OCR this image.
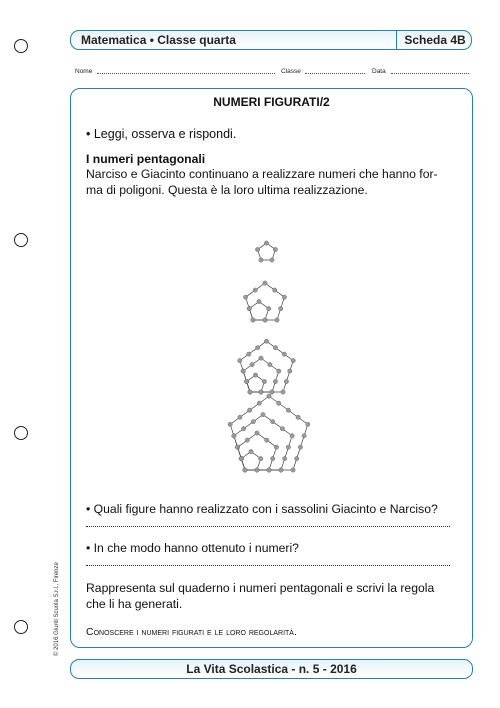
Matematica • Classe quarta	Scheda 4B
Nome	Classe	Data
NUMERI FIGURATI/2
• Leggi, osserva e rispondi.
I numeri pentagonali
Narciso e Giacinto continuano a realizzare numeri che hanno for-
ma di poligoni. Questa è la loro ultima realizzazione.
• Quali figure hanno realizzato con i sassolini Giacinto e Narciso?
• In che modo hanno ottenuto i numeri?
Rappresenta sul quaderno i numeri pentagonali e scrivi la regola
che li ha generati.
Conoscere i numeri figurati e le loro regolarità.
La Vita Scolastica - n. 5 - 2016
© 2016 Giunti Scuola S.r.l., Firenze
